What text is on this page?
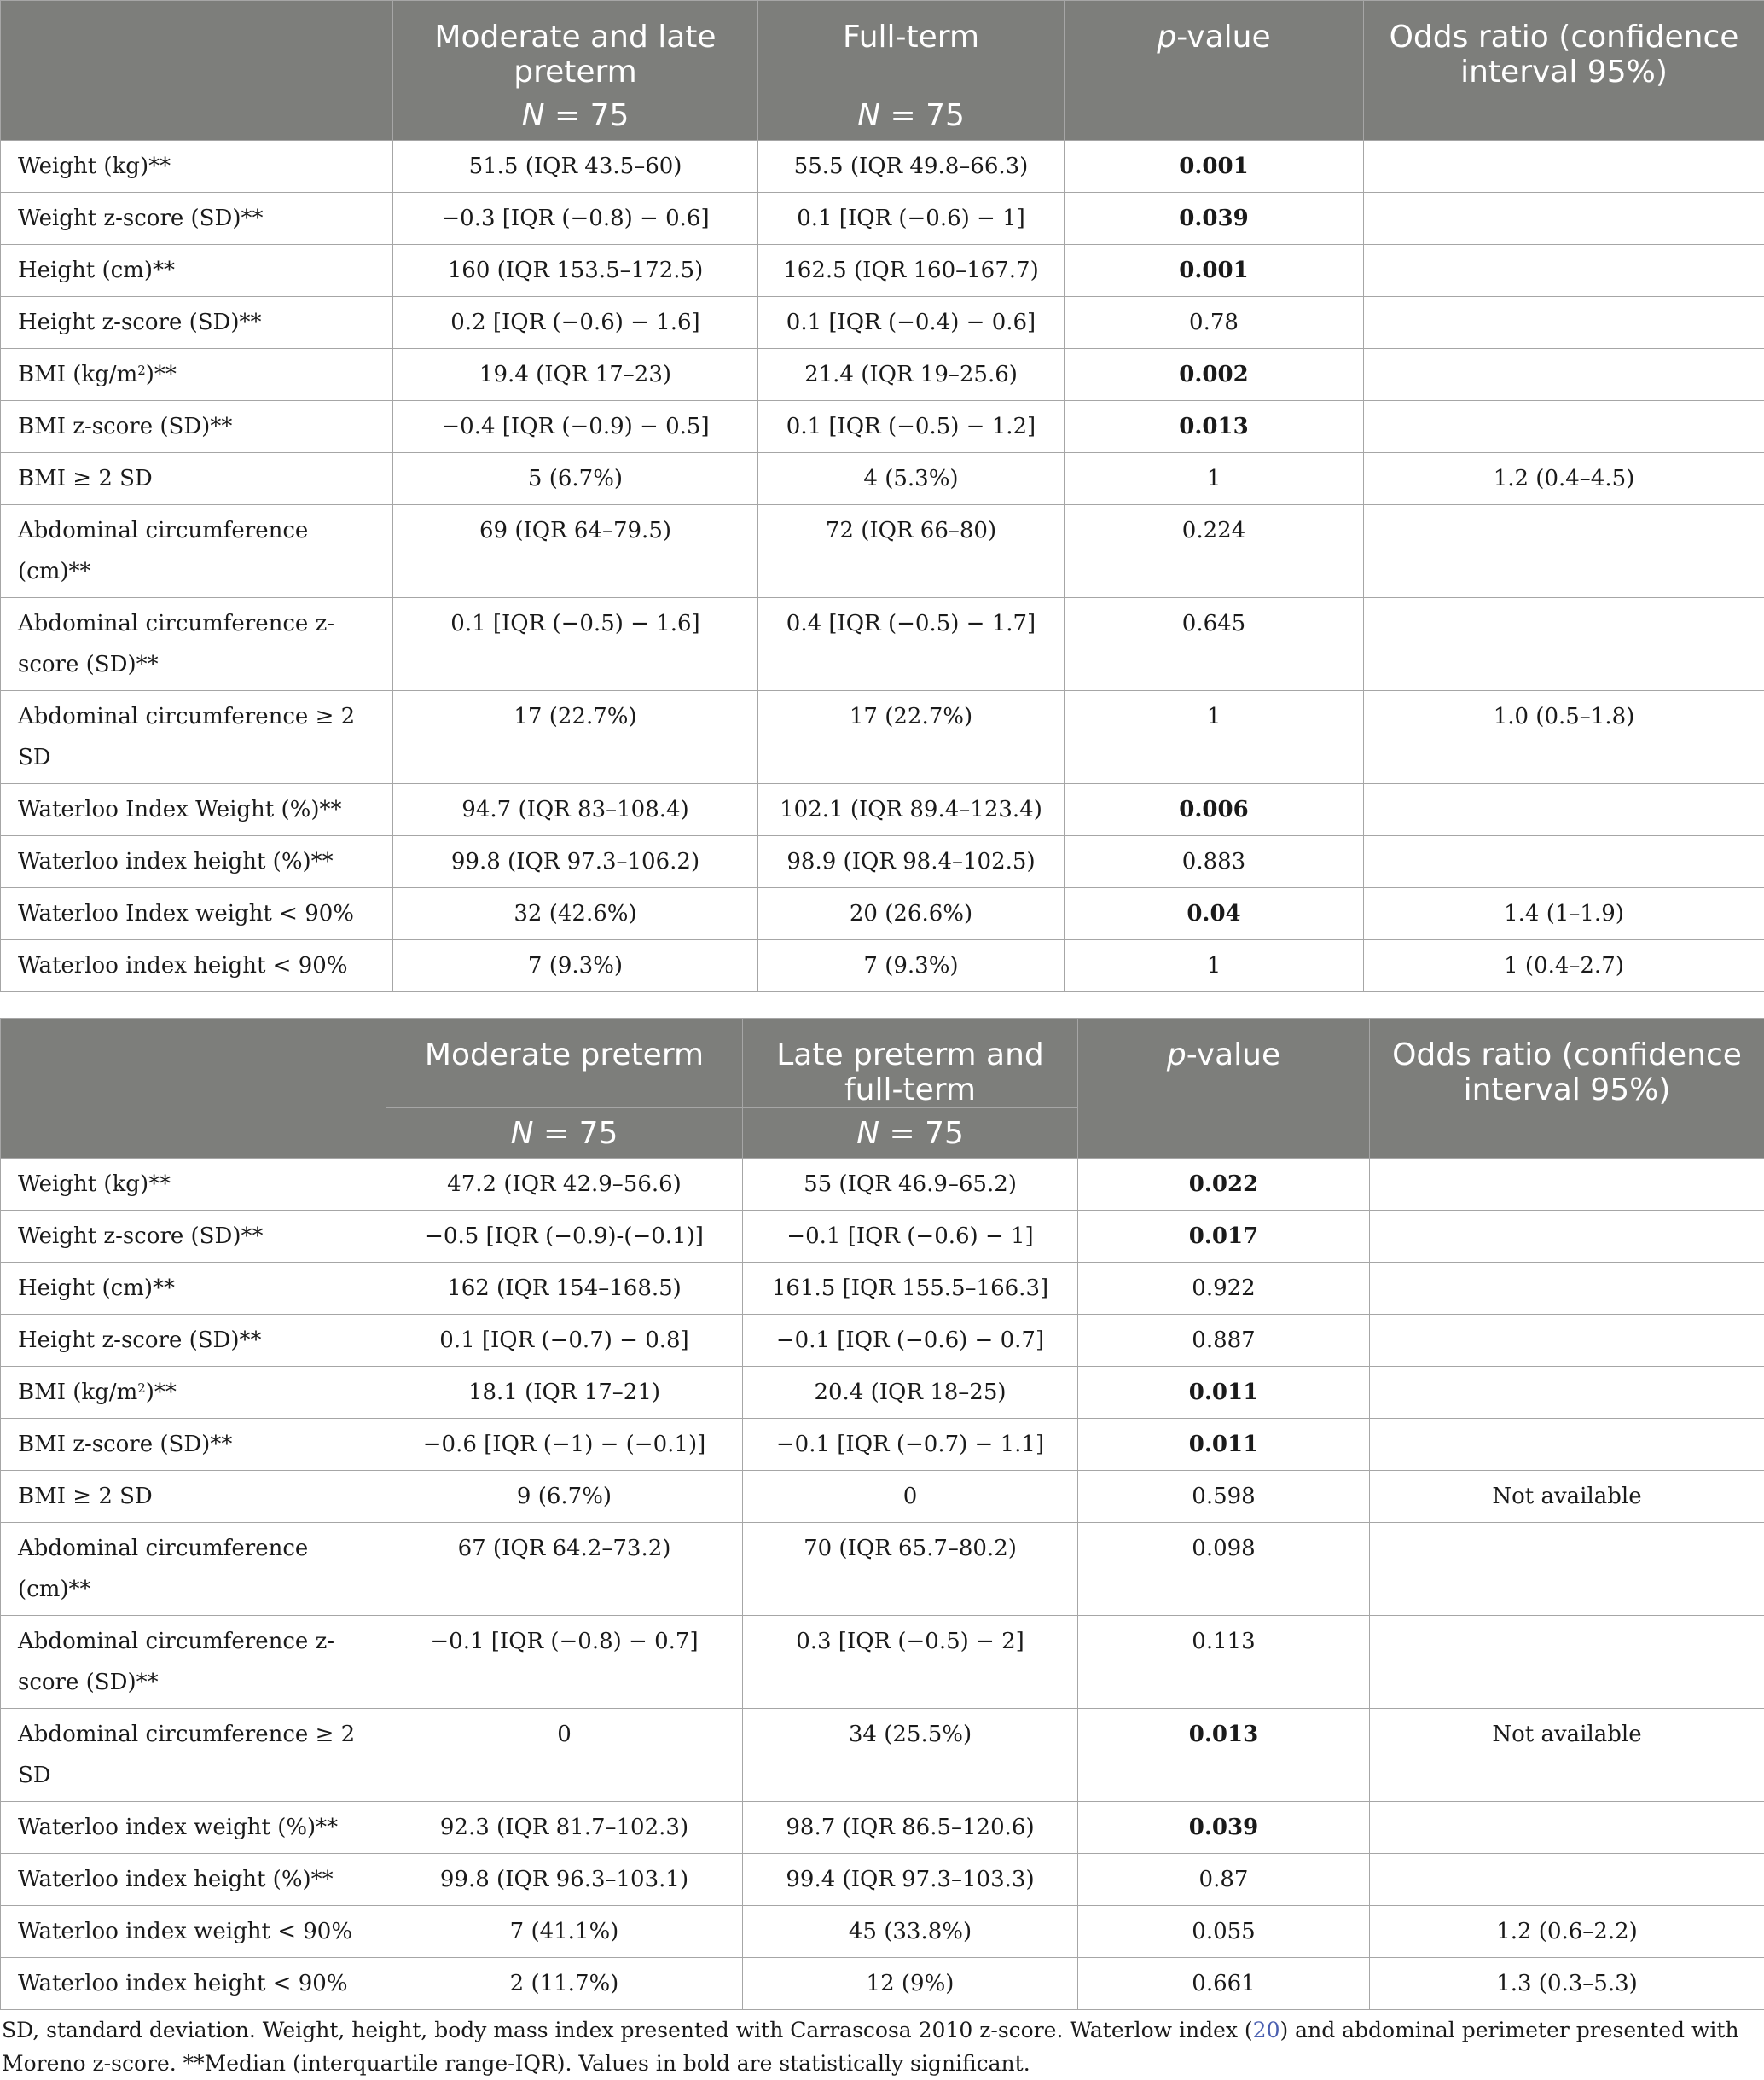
	Moderate and late preterm	Full-term	p-value	Odds ratio (confidence interval 95%)
	N = 75	N = 75		
Weight (kg)**	51.5 (IQR 43.5–60)	55.5 (IQR 49.8–66.3)	0.001	
Weight z-score (SD)**	−0.3 [IQR (−0.8) − 0.6]	0.1 [IQR (−0.6) − 1]	0.039	
Height (cm)**	160 (IQR 153.5–172.5)	162.5 (IQR 160–167.7)	0.001	
Height z-score (SD)**	0.2 [IQR (−0.6) − 1.6]	0.1 [IQR (−0.4) − 0.6]	0.78	
BMI $(kg/m^2)**$	19.4 (IQR 17–23)	21.4 (IQR 19–25.6)	0.002	
BMI z-score (SD)**	−0.4 [IQR (−0.9) − 0.5]	0.1 [IQR (−0.5) − 1.2]	0.013	
BMI ≥ 2 SD	5 (6.7%)	4 (5.3%)	1	1.2 (0.4–4.5)
Abdominal circumference (cm)**	69 (IQR 64–79.5)	72 (IQR 66–80)	0.224	
Abdominal circumference z-score (SD)**	0.1 [IQR (−0.5) − 1.6]	0.4 [IQR (−0.5) − 1.7]	0.645	
Abdominal circumference ≥ 2 SD	17 (22.7%)	17 (22.7%)	1	1.0 (0.5–1.8)
Waterloo Index Weight (%)**	94.7 (IQR 83–108.4)	102.1 (IQR 89.4–123.4)	0.006	
Waterloo index height (%)**	99.8 (IQR 97.3–106.2)	98.9 (IQR 98.4–102.5)	0.883	
Waterloo Index weight < 90%	32 (42.6%)	20 (26.6%)	0.04	1.4 (1–1.9)
Waterloo index height < 90%	7 (9.3%)	7 (9.3%)	1	1 (0.4–2.7)
	Moderate preterm	Late preterm and full-term	p-value	Odds ratio (confidence interval 95%)
	N = 75	N = 75		
Weight (kg)**	47.2 (IQR 42.9–56.6)	55 (IQR 46.9–65.2)	0.022	
Weight z-score (SD)**	−0.5 [IQR (−0.9)-(−0.1)]	−0.1 [IQR (−0.6) − 1]	0.017	
Height (cm)**	162 (IQR 154–168.5)	161.5 [IQR 155.5–166.3]	0.922	
Height z-score (SD)**	0.1 [IQR (−0.7) − 0.8]	−0.1 [IQR (−0.6) − 0.7]	0.887	
BMI $(kg/m^2)**$	18.1 (IQR 17–21)	20.4 (IQR 18–25)	0.011	
BMI z-score (SD)**	−0.6 [IQR (−1) − (−0.1)]	−0.1 [IQR (−0.7) − 1.1]	0.011	
BMI ≥ 2 SD	9 (6.7%)	0	0.598	Not available
Abdominal circumference (cm)**	67 (IQR 64.2–73.2)	70 (IQR 65.7–80.2)	0.098	
Abdominal circumference z-score (SD)**	−0.1 [IQR (−0.8) − 0.7]	0.3 [IQR (−0.5) − 2]	0.113	
Abdominal circumference ≥ 2 SD	0	34 (25.5%)	0.013	Not available
Waterloo index weight (%)**	92.3 (IQR 81.7–102.3)	98.7 (IQR 86.5–120.6)	0.039	
Waterloo index height (%)**	99.8 (IQR 96.3–103.1)	99.4 (IQR 97.3–103.3)	0.87	
Waterloo index weight < 90%	7 (41.1%)	45 (33.8%)	0.055	1.2 (0.6–2.2)
Waterloo index height < 90%	2 (11.7%)	12 (9%)	0.661	1.3 (0.3–5.3)

SD, standard deviation. Weight, height, body mass index presented with Carrascosa 2010 z-score. Waterlow index (20) and abdominal perimeter presented with Moreno z-score. **Median (interquartile range-IQR). Values in bold are statistically significant.
